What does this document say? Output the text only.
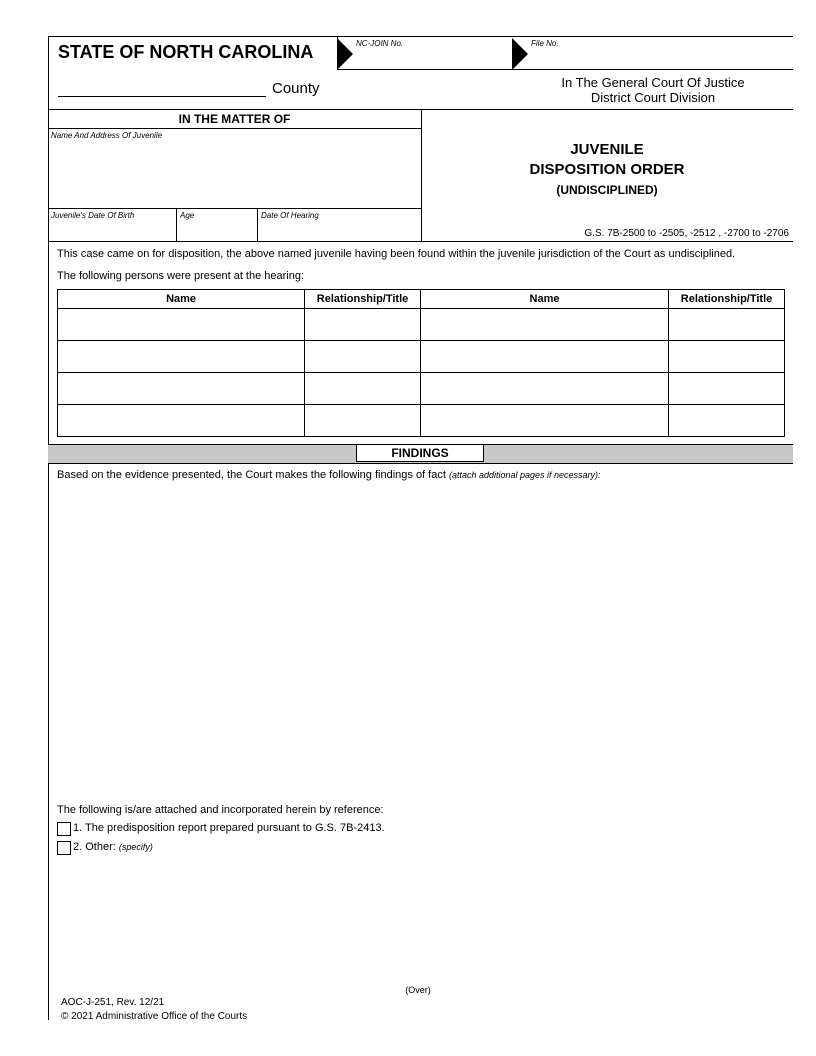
STATE OF NORTH CAROLINA	NC-JOIN No.	File No.
County	In The General Court Of Justice
District Court Division
IN THE MATTER OF
Name And Address Of Juvenile
Juvenile's Date Of Birth	Age	Date Of Hearing
JUVENILE
DISPOSITION ORDER
(UNDISCIPLINED)
G.S. 7B-2500 to -2505, -2512 , -2700 to -2706
This case came on for disposition, the above named juvenile having been found within the juvenile jurisdiction of the Court as undisciplined.
The following persons were present at the hearing:
Name	Relationship/Title	Name	Relationship/Title

FINDINGS
Based on the evidence presented, the Court makes the following findings of fact (attach additional pages if necessary):
The following is/are attached and incorporated herein by reference:
1. The predisposition report prepared pursuant to G.S. 7B-2413.
2. Other: (specify)
(Over)
AOC-J-251, Rev. 12/21
© 2021 Administrative Office of the Courts
